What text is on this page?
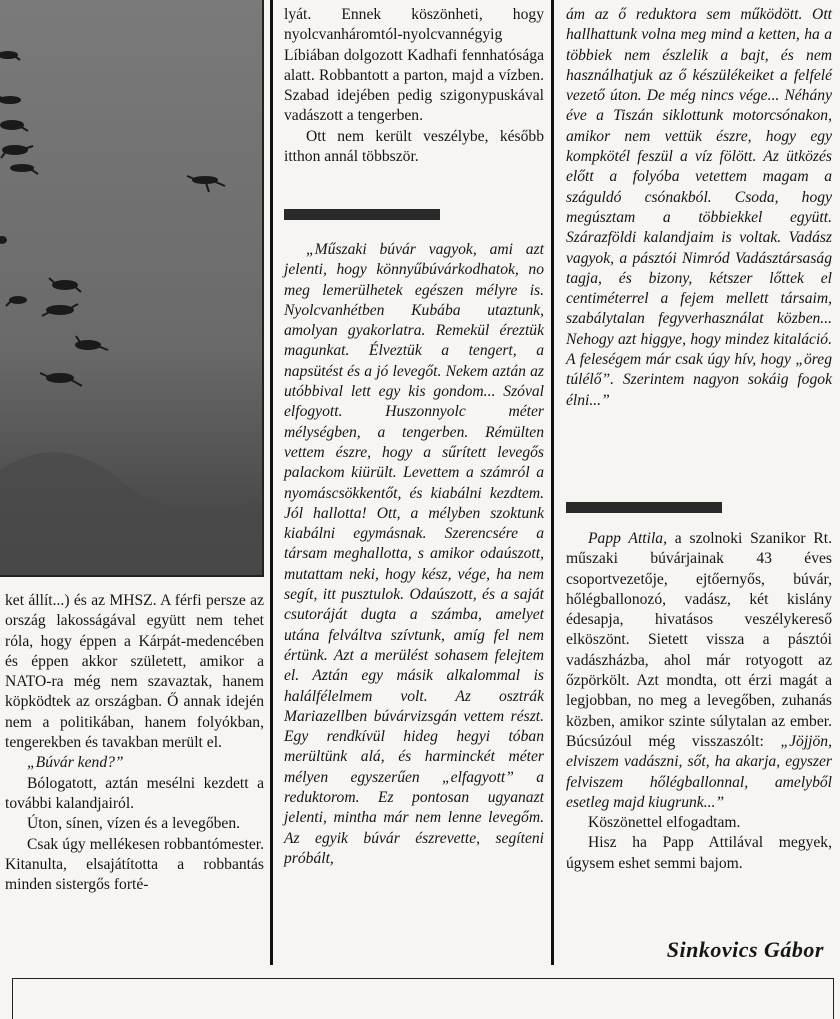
ket állít...) és az MHSZ. A férfi persze az ország lakosságával együtt nem tehet róla, hogy éppen a Kárpát-medencében és éppen akkor született, amikor a NATO-ra még nem szavaztak, hanem köpködtek az országban. Ő annak idején nem a politikában, hanem folyókban, tengerekben és tavakban merült el.

„Búvár kend?”

Bólogatott, aztán mesélni kezdett a további kalandjairól.

Úton, sínen, vízen és a levegőben.

Csak úgy mellékesen robbantómester. Kitanulta, elsajátította a robbantás minden sistergős forté-

lyát. Ennek köszönheti, hogy nyolcvanháromtól-nyolcvannégyig Líbiában dolgozott Kadhafi fennhatósága alatt. Robbantott a parton, majd a vízben. Szabad idejében pedig szigonypuskával vadászott a tengerben.

Ott nem került veszélybe, később itthon annál többször.

„Műszaki búvár vagyok, ami azt jelenti, hogy könnyűbúvárkodhatok, no meg lemerülhetek egészen mélyre is. Nyolcvanhétben Kubába utaztunk, amolyan gyakorlatra. Remekül éreztük magunkat. Élveztük a tengert, a napsütést és a jó levegőt. Nekem aztán az utóbbival lett egy kis gondom... Szóval elfogyott. Huszonnyolc méter mélységben, a tengerben. Rémülten vettem észre, hogy a sűrített levegős palackom kiürült. Levettem a számról a nyomáscsökkentőt, és kiabálni kezdtem. Jól hallotta! Ott, a mélyben szoktunk kiabálni egymásnak. Szerencsére a társam meghallotta, s amikor odaúszott, mutattam neki, hogy kész, vége, ha nem segít, itt pusztulok. Odaúszott, és a saját csutoráját dugta a számba, amelyet utána felváltva szívtunk, amíg fel nem értünk. Azt a merülést sohasem felejtem el. Aztán egy másik alkalommal is halálfélelmem volt. Az osztrák Mariazellben búvárvizsgán vettem részt. Egy rendkívül hideg hegyi tóban merültünk alá, és harminckét méter mélyen egyszerűen „elfagyott” a reduktorom. Ez pontosan ugyanazt jelenti, mintha már nem lenne levegőm. Az egyik búvár észrevette, segíteni próbált,

ám az ő reduktora sem működött. Ott hallhattunk volna meg mind a ketten, ha a többiek nem észlelik a bajt, és nem használhatjuk az ő készülékeiket a felfelé vezető úton. De még nincs vége... Néhány éve a Tiszán siklottunk motorcsónakon, amikor nem vettük észre, hogy egy kompkötél feszül a víz fölött. Az ütközés előtt a folyóba vetettem magam a száguldó csónakból. Csoda, hogy megúsztam a többiekkel együtt. Szárazföldi kalandjaim is voltak. Vadász vagyok, a pásztói Nimród Vadásztársaság tagja, és bizony, kétszer lőttek el centiméterrel a fejem mellett társaim, szabálytalan fegyverhasználat közben... Nehogy azt higgye, hogy mindez kitaláció. A feleségem már csak úgy hív, hogy „öreg túlélő”. Szerintem nagyon sokáig fogok élni...”

Papp Attila, a szolnoki Szanikor Rt. műszaki búvárjainak 43 éves csoportvezetője, ejtőernyős, búvár, hőlégballonozó, vadász, két kislány édesapja, hivatásos veszélykereső elköszönt. Sietett vissza a pásztói vadászházba, ahol már rotyogott az őzpörkölt. Azt mondta, ott érzi magát a legjobban, no meg a levegőben, zuhanás közben, amikor szinte súlytalan az ember. Búcsúzóul még visszaszólt: „Jöjjön, elviszem vadászni, sőt, ha akarja, egyszer felviszem hőlégballonnal, amelyből esetleg majd kiugrunk...”

Köszönettel elfogadtam.

Hisz ha Papp Attilával megyek, úgysem eshet semmi bajom.

Sinkovics Gábor
